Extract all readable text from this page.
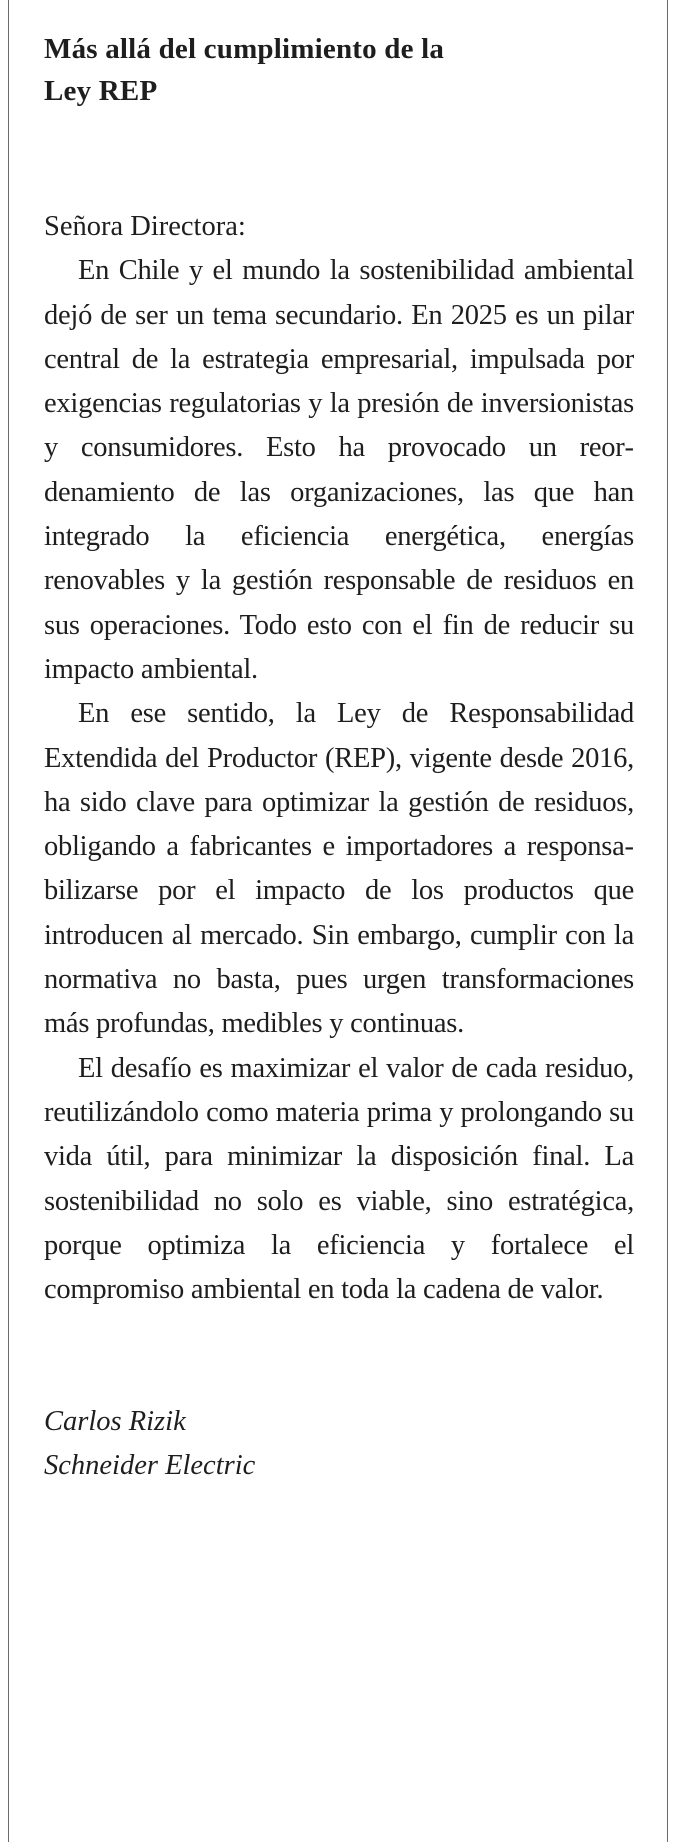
Más allá del cumplimiento de la Ley REP

Señora Directora:

En Chile y el mundo la sostenibilidad ambiental dejó de ser un tema secundario. En 2025 es un pilar central de la estrategia empresarial, impulsada por exigencias regulatorias y la presión de inversionistas y consumidores. Esto ha provocado un reordenamiento de las organizaciones, las que han integrado la eficiencia energética, energías renovables y la gestión responsable de residuos en sus operaciones. Todo esto con el fin de reducir su impacto ambiental.

En ese sentido, la Ley de Responsabilidad Extendida del Productor (REP), vigente desde 2016, ha sido clave para optimizar la gestión de residuos, obligando a fabricantes e importadores a responsabilizarse por el impacto de los productos que introducen al mercado. Sin embargo, cumplir con la normativa no basta, pues urgen transformaciones más profundas, medibles y continuas.

El desafío es maximizar el valor de cada residuo, reutilizándolo como materia prima y prolongando su vida útil, para minimizar la disposición final. La sostenibilidad no solo es viable, sino estratégica, porque optimiza la eficiencia y fortalece el compromiso ambiental en toda la cadena de valor.

Carlos Rizik
Schneider Electric
